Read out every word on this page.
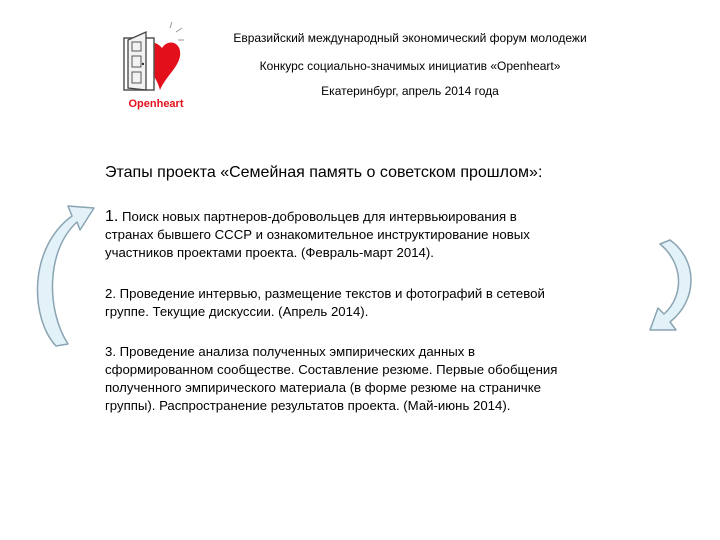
Openheart
Евразийский международный экономический форум молодежи
Конкурс социально-значимых инициатив «Openheart»
Екатеринбург, апрель 2014 года
Этапы проекта «Семейная память о советском прошлом»:
1. Поиск новых партнеров-добровольцев для интервьюирования в
странах бывшего СССР и ознакомительное инструктирование новых
участников проектами проекта. (Февраль-март 2014).
2. Проведение интервью, размещение текстов и фотографий в сетевой
группе. Текущие дискуссии. (Апрель 2014).
3. Проведение анализа полученных эмпирических данных в
сформированном сообществе. Составление резюме. Первые обобщения
полученного эмпирического материала (в форме резюме на страничке
группы). Распространение результатов проекта. (Май-июнь 2014).
